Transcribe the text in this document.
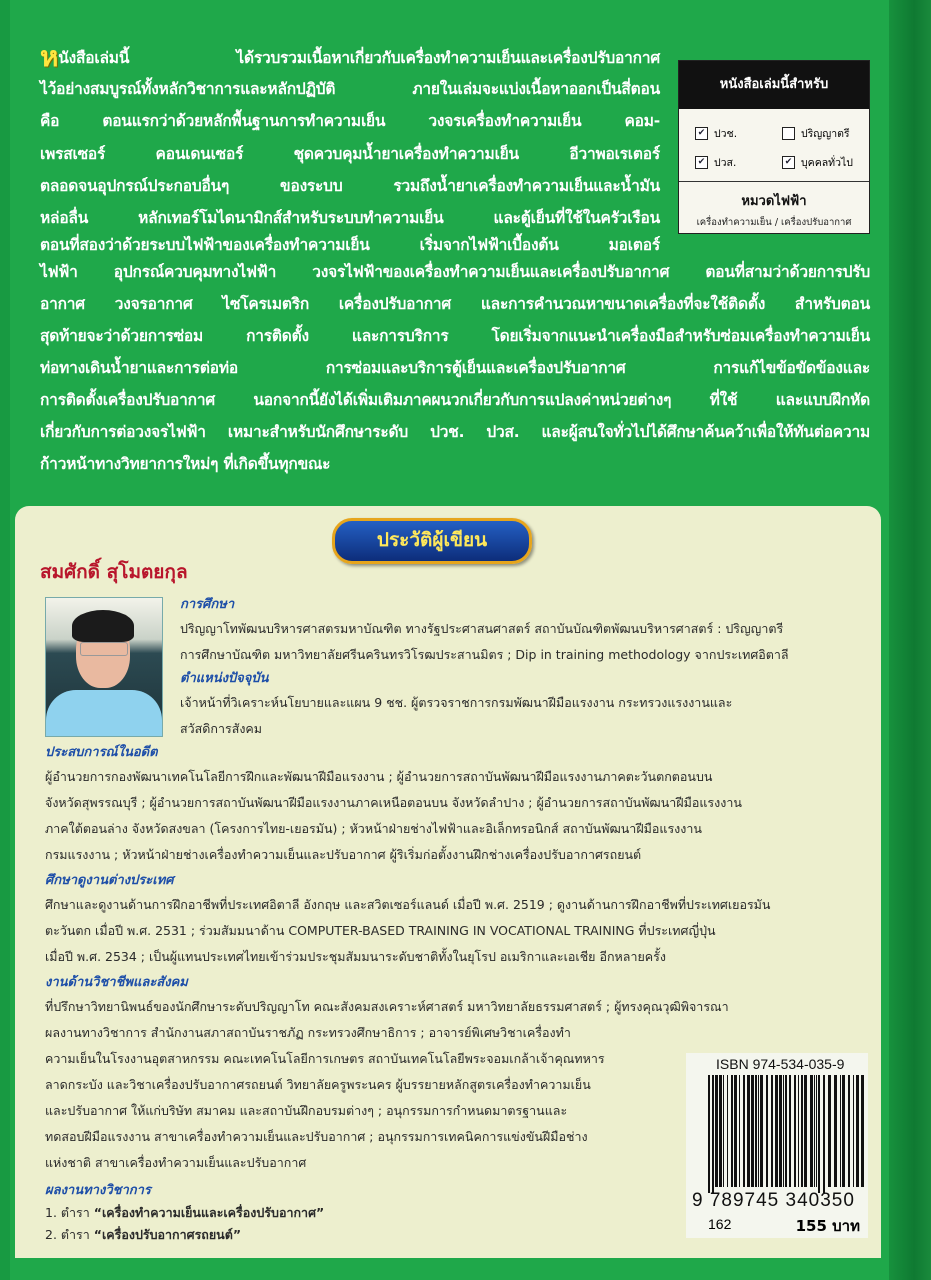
หนังสือเล่มนี้ ได้รวบรวมเนื้อหาเกี่ยวกับเครื่องทำความเย็นและเครื่องปรับอากาศ
ไว้อย่างสมบูรณ์ทั้งหลักวิชาการและหลักปฏิบัติ ภายในเล่มจะแบ่งเนื้อหาออกเป็นสี่ตอน
คือ ตอนแรกว่าด้วยหลักพื้นฐานการทำความเย็น วงจรเครื่องทำความเย็น คอม-
เพรสเซอร์ คอนเดนเซอร์ ชุดควบคุมน้ำยาเครื่องทำความเย็น อีวาพอเรเตอร์
ตลอดจนอุปกรณ์ประกอบอื่นๆ ของระบบ รวมถึงน้ำยาเครื่องทำความเย็นและน้ำมัน
หล่อลื่น หลักเทอร์โมไดนามิกส์สำหรับระบบทำความเย็น และตู้เย็นที่ใช้ในครัวเรือน
ตอนที่สองว่าด้วยระบบไฟฟ้าของเครื่องทำความเย็น เริ่มจากไฟฟ้าเบื้องต้น มอเตอร์
ไฟฟ้า อุปกรณ์ควบคุมทางไฟฟ้า วงจรไฟฟ้าของเครื่องทำความเย็นและเครื่องปรับอากาศ ตอนที่สามว่าด้วยการปรับ
อากาศ วงจรอากาศ ไซโครเมตริก เครื่องปรับอากาศ และการคำนวณหาขนาดเครื่องที่จะใช้ติดตั้ง สำหรับตอน
สุดท้ายจะว่าด้วยการซ่อม การติดตั้ง และการบริการ โดยเริ่มจากแนะนำเครื่องมือสำหรับซ่อมเครื่องทำความเย็น
ท่อทางเดินน้ำยาและการต่อท่อ การซ่อมและบริการตู้เย็นและเครื่องปรับอากาศ การแก้ไขข้อขัดข้องและ
การติดตั้งเครื่องปรับอากาศ นอกจากนี้ยังได้เพิ่มเติมภาคผนวกเกี่ยวกับการแปลงค่าหน่วยต่างๆ ที่ใช้ และแบบฝึกหัด
เกี่ยวกับการต่อวงจรไฟฟ้า เหมาะสำหรับนักศึกษาระดับ ปวช. ปวส. และผู้สนใจทั่วไปได้ศึกษาค้นคว้าเพื่อให้ทันต่อความ
ก้าวหน้าทางวิทยาการใหม่ๆ ที่เกิดขึ้นทุกขณะ
หนังสือเล่มนี้สำหรับ
✔ ปวช.	ปริญญาตรี
✔ ปวส.	✔ บุคคลทั่วไป
หมวดไฟฟ้า
เครื่องทำความเย็น / เครื่องปรับอากาศ
ประวัติผู้เขียน
สมศักดิ์ สุโมตยกุล
การศึกษา
ปริญญาโทพัฒนบริหารศาสตรมหาบัณฑิต ทางรัฐประศาสนศาสตร์ สถาบันบัณฑิตพัฒนบริหารศาสตร์ : ปริญญาตรี
การศึกษาบัณฑิต มหาวิทยาลัยศรีนครินทรวิโรฒประสานมิตร ; Dip in training methodology จากประเทศอิตาลี
ตำแหน่งปัจจุบัน
เจ้าหน้าที่วิเคราะห์นโยบายและแผน 9 ชช. ผู้ตรวจราชการกรมพัฒนาฝีมือแรงงาน กระทรวงแรงงานและ
สวัสดิการสังคม
ประสบการณ์ในอดีต
ผู้อำนวยการกองพัฒนาเทคโนโลยีการฝึกและพัฒนาฝีมือแรงงาน ; ผู้อำนวยการสถาบันพัฒนาฝีมือแรงงานภาคตะวันตกตอนบน
จังหวัดสุพรรณบุรี ; ผู้อำนวยการสถาบันพัฒนาฝีมือแรงงานภาคเหนือตอนบน จังหวัดลำปาง ; ผู้อำนวยการสถาบันพัฒนาฝีมือแรงงาน
ภาคใต้ตอนล่าง จังหวัดสงขลา (โครงการไทย-เยอรมัน) ; หัวหน้าฝ่ายช่างไฟฟ้าและอิเล็กทรอนิกส์ สถาบันพัฒนาฝีมือแรงงาน
กรมแรงงาน ; หัวหน้าฝ่ายช่างเครื่องทำความเย็นและปรับอากาศ ผู้ริเริ่มก่อตั้งงานฝึกช่างเครื่องปรับอากาศรถยนต์
ศึกษาดูงานต่างประเทศ
ศึกษาและดูงานด้านการฝึกอาชีพที่ประเทศอิตาลี อังกฤษ และสวิตเซอร์แลนด์ เมื่อปี พ.ศ. 2519 ; ดูงานด้านการฝึกอาชีพที่ประเทศเยอรมัน
ตะวันตก เมื่อปี พ.ศ. 2531 ; ร่วมสัมมนาด้าน COMPUTER-BASED TRAINING IN VOCATIONAL TRAINING ที่ประเทศญี่ปุ่น
เมื่อปี พ.ศ. 2534 ; เป็นผู้แทนประเทศไทยเข้าร่วมประชุมสัมมนาระดับชาติทั้งในยุโรป อเมริกาและเอเชีย อีกหลายครั้ง
งานด้านวิชาชีพและสังคม
ที่ปรึกษาวิทยานิพนธ์ของนักศึกษาระดับปริญญาโท คณะสังคมสงเคราะห์ศาสตร์ มหาวิทยาลัยธรรมศาสตร์ ; ผู้ทรงคุณวุฒิพิจารณา
ผลงานทางวิชาการ สำนักงานสภาสถาบันราชภัฏ กระทรวงศึกษาธิการ ; อาจารย์พิเศษวิชาเครื่องทำ
ความเย็นในโรงงานอุตสาหกรรม คณะเทคโนโลยีการเกษตร สถาบันเทคโนโลยีพระจอมเกล้าเจ้าคุณทหาร
ลาดกระบัง และวิชาเครื่องปรับอากาศรถยนต์ วิทยาลัยครูพระนคร ผู้บรรยายหลักสูตรเครื่องทำความเย็น
และปรับอากาศ ให้แก่บริษัท สมาคม และสถาบันฝึกอบรมต่างๆ ; อนุกรรมการกำหนดมาตรฐานและ
ทดสอบฝีมือแรงงาน สาขาเครื่องทำความเย็นและปรับอากาศ ; อนุกรรมการเทคนิคการแข่งขันฝีมือช่าง
แห่งชาติ สาขาเครื่องทำความเย็นและปรับอากาศ
ผลงานทางวิชาการ
1. ตำรา “เครื่องทำความเย็นและเครื่องปรับอากาศ”
2. ตำรา “เครื่องปรับอากาศรถยนต์”
ISBN 974-534-035-9
9 789745 340350
162	155 บาท
